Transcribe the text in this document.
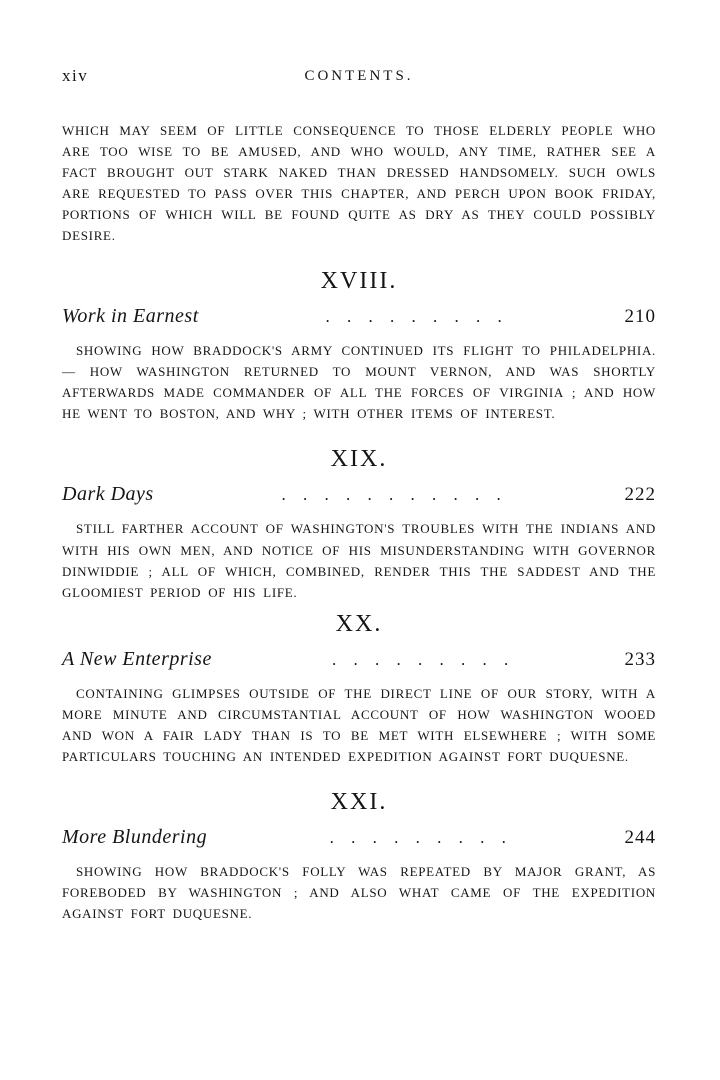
xiv	CONTENTS.

WHICH MAY SEEM OF LITTLE CONSEQUENCE TO THOSE ELDERLY PEOPLE WHO ARE TOO WISE TO BE AMUSED, AND WHO WOULD, ANY TIME, RATHER SEE A FACT BROUGHT OUT STARK NAKED THAN DRESSED HANDSOMELY. SUCH OWLS ARE REQUESTED TO PASS OVER THIS CHAPTER, AND PERCH UPON BOOK FRIDAY, PORTIONS OF WHICH WILL BE FOUND QUITE AS DRY AS THEY COULD POSSIBLY DESIRE.

XVIII.
Work in Earnest	. . . . . . . . .	210

SHOWING HOW BRADDOCK'S ARMY CONTINUED ITS FLIGHT TO PHILADELPHIA. — HOW WASHINGTON RETURNED TO MOUNT VERNON, AND WAS SHORTLY AFTERWARDS MADE COMMANDER OF ALL THE FORCES OF VIRGINIA ; AND HOW HE WENT TO BOSTON, AND WHY ; WITH OTHER ITEMS OF INTEREST.

XIX.
Dark Days	. . . . . . . . . . .	222

STILL FARTHER ACCOUNT OF WASHINGTON'S TROUBLES WITH THE INDIANS AND WITH HIS OWN MEN, AND NOTICE OF HIS MISUNDERSTANDING WITH GOVERNOR DINWIDDIE ; ALL OF WHICH, COMBINED, RENDER THIS THE SADDEST AND THE GLOOMIEST PERIOD OF HIS LIFE.

XX.
A New Enterprise	. . . . . . . . .	233

CONTAINING GLIMPSES OUTSIDE OF THE DIRECT LINE OF OUR STORY, WITH A MORE MINUTE AND CIRCUMSTANTIAL ACCOUNT OF HOW WASHINGTON WOOED AND WON A FAIR LADY THAN IS TO BE MET WITH ELSEWHERE ; WITH SOME PARTICULARS TOUCHING AN INTENDED EXPEDITION AGAINST FORT DUQUESNE.

XXI.
More Blundering	. . . . . . . . .	244

SHOWING HOW BRADDOCK'S FOLLY WAS REPEATED BY MAJOR GRANT, AS FOREBODED BY WASHINGTON ; AND ALSO WHAT CAME OF THE EXPEDITION AGAINST FORT DUQUESNE.
